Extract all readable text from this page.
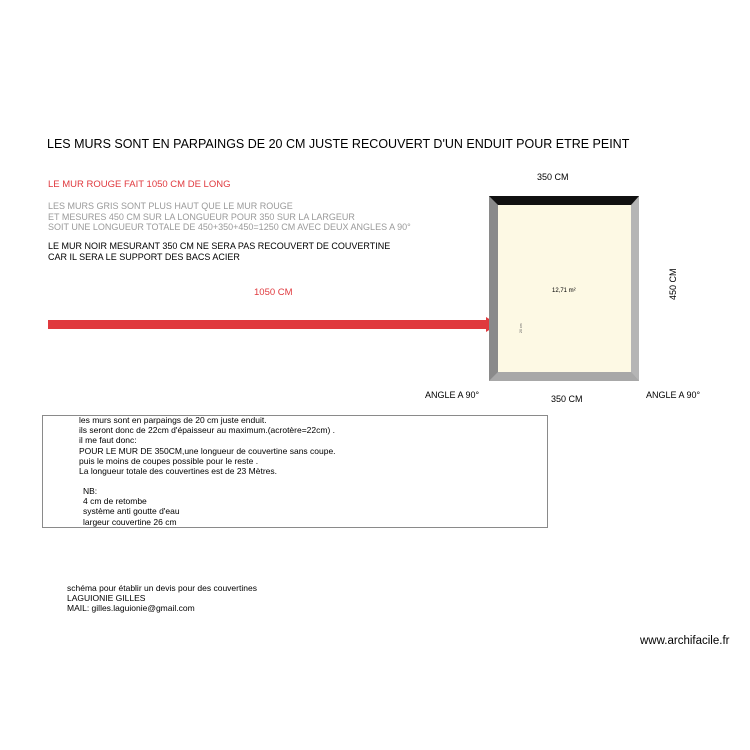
LES MURS SONT EN PARPAINGS DE 20 CM JUSTE RECOUVERT D'UN ENDUIT POUR ETRE PEINT
LE MUR ROUGE FAIT 1050 CM DE LONG
LES MURS GRIS SONT PLUS HAUT QUE LE MUR ROUGE
ET MESURES 450 CM SUR LA LONGUEUR POUR 350 SUR LA LARGEUR
SOIT UNE LONGUEUR TOTALE DE 450+350+450=1250 CM AVEC DEUX ANGLES A 90°
LE MUR NOIR MESURANT 350 CM NE SERA PAS RECOUVERT DE COUVERTINE
CAR IL SERA LE SUPPORT DES BACS ACIER
1050 CM
350 CM
350 CM
450 CM
ANGLE A 90°	ANGLE A 90°
12,71 m²
20 cm
les murs sont en parpaings de 20 cm juste enduit.
ils seront donc de 22cm d'épaisseur au maximum.(acrotère=22cm) .
il me faut donc:
POUR LE MUR DE 350CM,une longueur de couvertine sans coupe.
puis le moins de coupes possible pour le reste .
La longueur totale des couvertines est de 23 Mètres.
NB:
4 cm de retombe
système anti goutte d'eau
largeur couvertine 26 cm
schéma pour établir un devis pour des couvertines
LAGUIONIE GILLES
MAIL: gilles.laguionie@gmail.com
www.archifacile.fr
